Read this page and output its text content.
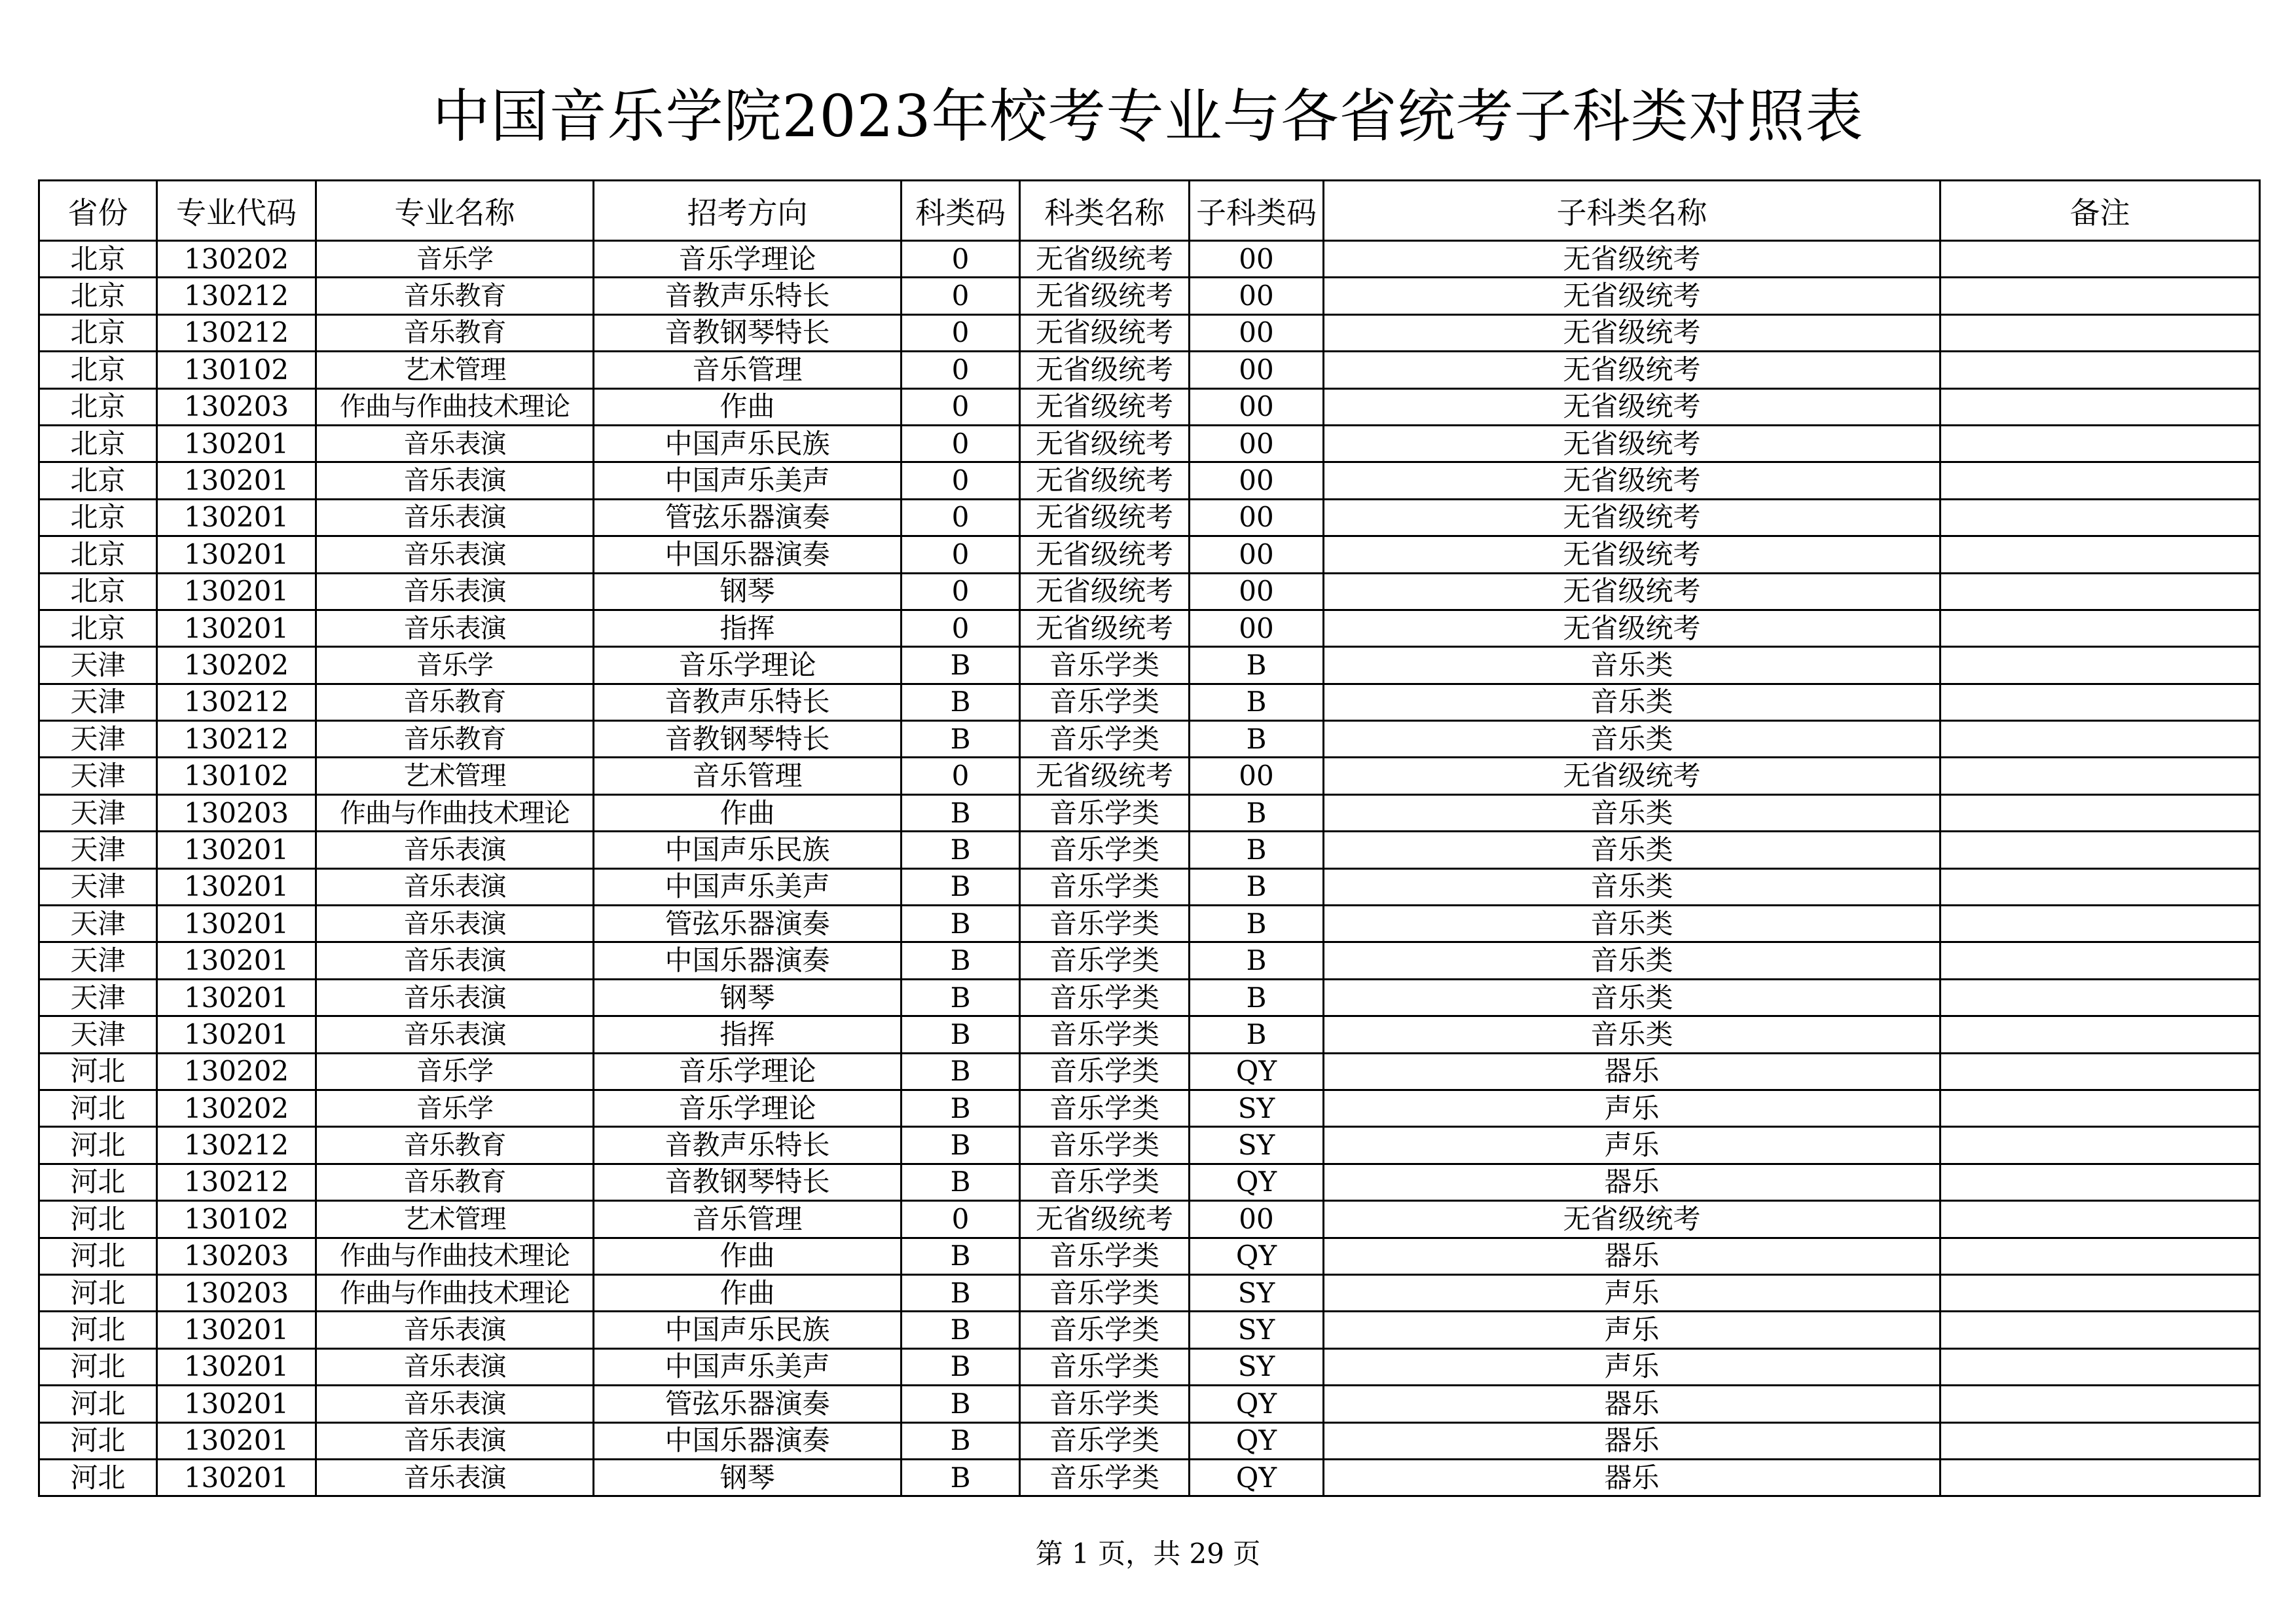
中国音乐学院2023年校考专业与各省统考子科类对照表
省份	专业代码	专业名称	招考方向	科类码	科类名称	子科类码	子科类名称	备注
北京	130202	音乐学	音乐学理论	0	无省级统考	00	无省级统考	
北京	130212	音乐教育	音教声乐特长	0	无省级统考	00	无省级统考	
北京	130212	音乐教育	音教钢琴特长	0	无省级统考	00	无省级统考	
北京	130102	艺术管理	音乐管理	0	无省级统考	00	无省级统考	
北京	130203	作曲与作曲技术理论	作曲	0	无省级统考	00	无省级统考	
北京	130201	音乐表演	中国声乐民族	0	无省级统考	00	无省级统考	
北京	130201	音乐表演	中国声乐美声	0	无省级统考	00	无省级统考	
北京	130201	音乐表演	管弦乐器演奏	0	无省级统考	00	无省级统考	
北京	130201	音乐表演	中国乐器演奏	0	无省级统考	00	无省级统考	
北京	130201	音乐表演	钢琴	0	无省级统考	00	无省级统考	
北京	130201	音乐表演	指挥	0	无省级统考	00	无省级统考	
天津	130202	音乐学	音乐学理论	B	音乐学类	B	音乐类	
天津	130212	音乐教育	音教声乐特长	B	音乐学类	B	音乐类	
天津	130212	音乐教育	音教钢琴特长	B	音乐学类	B	音乐类	
天津	130102	艺术管理	音乐管理	0	无省级统考	00	无省级统考	
天津	130203	作曲与作曲技术理论	作曲	B	音乐学类	B	音乐类	
天津	130201	音乐表演	中国声乐民族	B	音乐学类	B	音乐类	
天津	130201	音乐表演	中国声乐美声	B	音乐学类	B	音乐类	
天津	130201	音乐表演	管弦乐器演奏	B	音乐学类	B	音乐类	
天津	130201	音乐表演	中国乐器演奏	B	音乐学类	B	音乐类	
天津	130201	音乐表演	钢琴	B	音乐学类	B	音乐类	
天津	130201	音乐表演	指挥	B	音乐学类	B	音乐类	
河北	130202	音乐学	音乐学理论	B	音乐学类	QY	器乐	
河北	130202	音乐学	音乐学理论	B	音乐学类	SY	声乐	
河北	130212	音乐教育	音教声乐特长	B	音乐学类	SY	声乐	
河北	130212	音乐教育	音教钢琴特长	B	音乐学类	QY	器乐	
河北	130102	艺术管理	音乐管理	0	无省级统考	00	无省级统考	
河北	130203	作曲与作曲技术理论	作曲	B	音乐学类	QY	器乐	
河北	130203	作曲与作曲技术理论	作曲	B	音乐学类	SY	声乐	
河北	130201	音乐表演	中国声乐民族	B	音乐学类	SY	声乐	
河北	130201	音乐表演	中国声乐美声	B	音乐学类	SY	声乐	
河北	130201	音乐表演	管弦乐器演奏	B	音乐学类	QY	器乐	
河北	130201	音乐表演	中国乐器演奏	B	音乐学类	QY	器乐	
河北	130201	音乐表演	钢琴	B	音乐学类	QY	器乐	
第 1 页，共 29 页
